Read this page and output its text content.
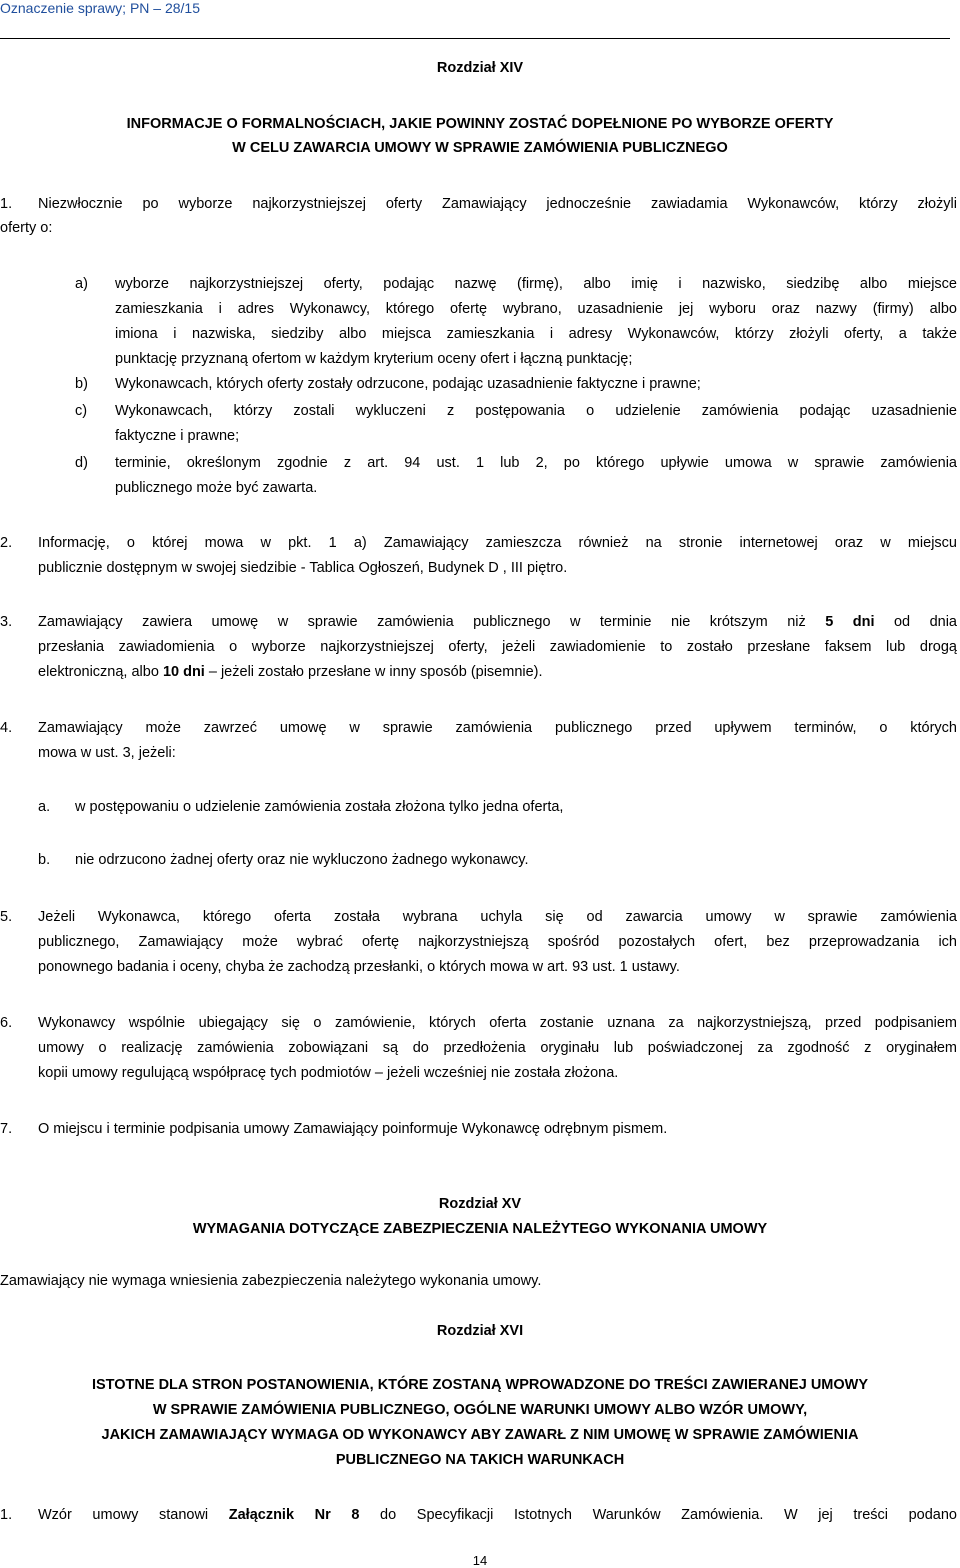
Oznaczenie sprawy; PN – 28/15
Rozdział XIV
INFORMACJE O FORMALNOŚCIACH, JAKIE POWINNY ZOSTAĆ DOPEŁNIONE PO WYBORZE OFERTY
W CELU ZAWARCIA UMOWY W SPRAWIE ZAMÓWIENIA PUBLICZNEGO
1. Niezwłocznie po wyborze najkorzystniejszej oferty Zamawiający jednocześnie zawiadamia Wykonawców, którzy złożyli
oferty o:
a) wyborze najkorzystniejszej oferty, podając nazwę (firmę), albo imię i nazwisko, siedzibę albo miejsce
zamieszkania i adres Wykonawcy, którego ofertę wybrano, uzasadnienie jej wyboru oraz nazwy (firmy) albo
imiona i nazwiska, siedziby albo miejsca zamieszkania i adresy Wykonawców, którzy złożyli oferty, a także
punktację przyznaną ofertom w każdym kryterium oceny ofert i łączną punktację;
b) Wykonawcach, których oferty zostały odrzucone, podając uzasadnienie faktyczne i prawne;
c) Wykonawcach, którzy zostali wykluczeni z postępowania o udzielenie zamówienia podając uzasadnienie
faktyczne i prawne;
d) terminie, określonym zgodnie z art. 94 ust. 1 lub 2, po którego upływie umowa w sprawie zamówienia
publicznego może być zawarta.
2. Informację, o której mowa w pkt. 1 a) Zamawiający zamieszcza również na stronie internetowej oraz w miejscu
publicznie dostępnym w swojej siedzibie - Tablica Ogłoszeń, Budynek D , III piętro.
3. Zamawiający zawiera umowę w sprawie zamówienia publicznego w terminie nie krótszym niż 5 dni od dnia
przesłania zawiadomienia o wyborze najkorzystniejszej oferty, jeżeli zawiadomienie to zostało przesłane faksem lub drogą
elektroniczną, albo 10 dni – jeżeli zostało przesłane w inny sposób (pisemnie).
4. Zamawiający może zawrzeć umowę w sprawie zamówienia publicznego przed upływem terminów, o których
mowa w ust. 3, jeżeli:
a. w postępowaniu o udzielenie zamówienia została złożona tylko jedna oferta,
b. nie odrzucono żadnej oferty oraz nie wykluczono żadnego wykonawcy.
5. Jeżeli Wykonawca, którego oferta została wybrana uchyla się od zawarcia umowy w sprawie zamówienia
publicznego, Zamawiający może wybrać ofertę najkorzystniejszą spośród pozostałych ofert, bez przeprowadzania ich
ponownego badania i oceny, chyba że zachodzą przesłanki, o których mowa w art. 93 ust. 1 ustawy.
6. Wykonawcy wspólnie ubiegający się o zamówienie, których oferta zostanie uznana za najkorzystniejszą, przed podpisaniem
umowy o realizację zamówienia zobowiązani są do przedłożenia oryginału lub poświadczonej za zgodność z oryginałem
kopii umowy regulującą współpracę tych podmiotów – jeżeli wcześniej nie została złożona.
7. O miejscu i terminie podpisania umowy Zamawiający poinformuje Wykonawcę odrębnym pismem.
Rozdział XV
WYMAGANIA DOTYCZĄCE ZABEZPIECZENIA NALEŻYTEGO WYKONANIA UMOWY
Zamawiający nie wymaga wniesienia zabezpieczenia należytego wykonania umowy.
Rozdział XVI
ISTOTNE DLA STRON POSTANOWIENIA, KTÓRE ZOSTANĄ WPROWADZONE DO TREŚCI ZAWIERANEJ UMOWY
W SPRAWIE ZAMÓWIENIA PUBLICZNEGO, OGÓLNE WARUNKI UMOWY ALBO WZÓR UMOWY,
JAKICH ZAMAWIAJĄCY WYMAGA OD WYKONAWCY ABY ZAWARŁ Z NIM UMOWĘ W SPRAWIE ZAMÓWIENIA
PUBLICZNEGO NA TAKICH WARUNKACH
1. Wzór umowy stanowi Załącznik Nr 8 do Specyfikacji Istotnych Warunków Zamówienia. W jej treści podano
14
